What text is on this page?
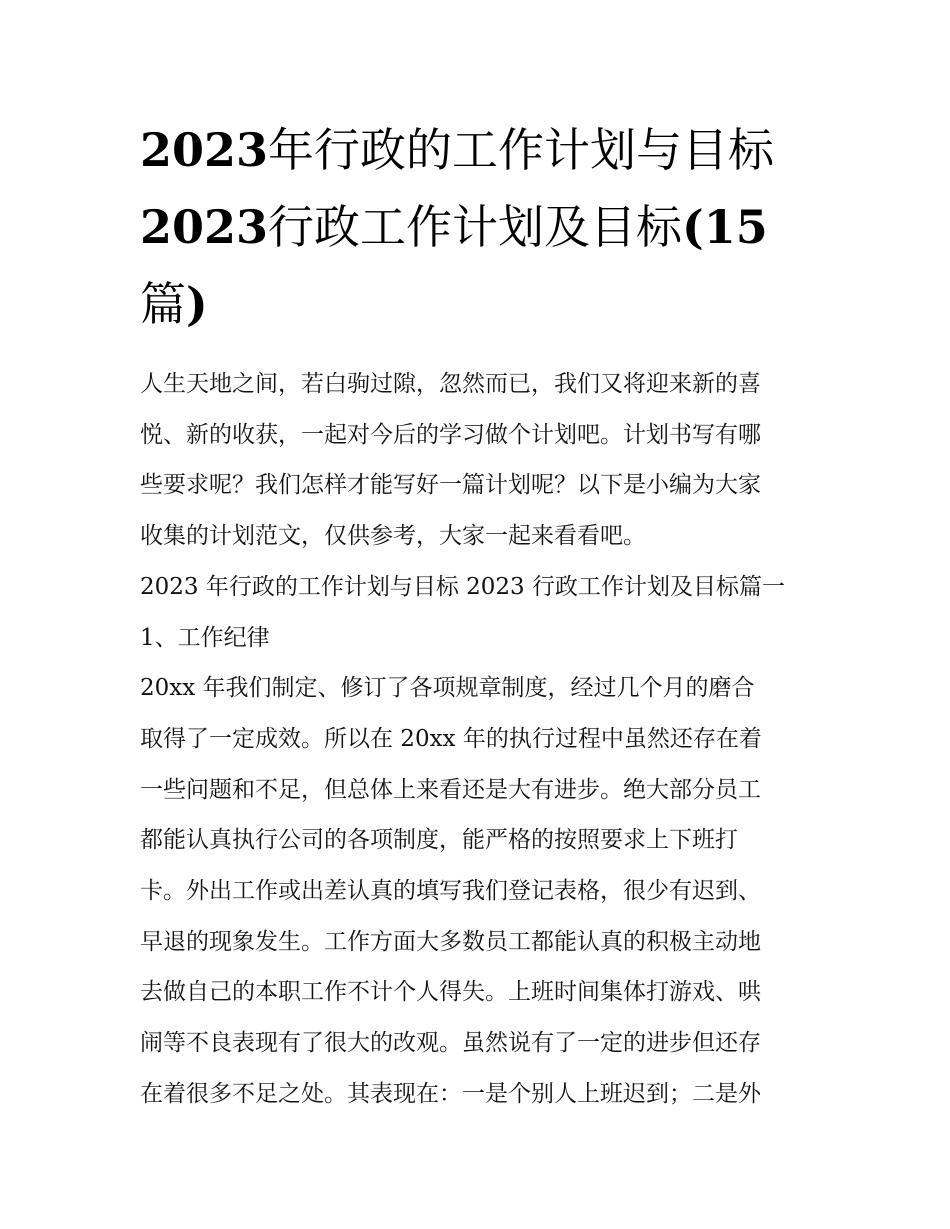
2023年行政的工作计划与目标
2023行政工作计划及目标(15
篇)

人生天地之间，若白驹过隙，忽然而已，我们又将迎来新的喜
悦、新的收获，一起对今后的学习做个计划吧。计划书写有哪
些要求呢？我们怎样才能写好一篇计划呢？以下是小编为大家
收集的计划范文，仅供参考，大家一起来看看吧。

2023 年行政的工作计划与目标 2023 行政工作计划及目标篇一

1、工作纪律

20xx 年我们制定、修订了各项规章制度，经过几个月的磨合
取得了一定成效。所以在 20xx 年的执行过程中虽然还存在着
一些问题和不足，但总体上来看还是大有进步。绝大部分员工
都能认真执行公司的各项制度，能严格的按照要求上下班打
卡。外出工作或出差认真的填写我们登记表格，很少有迟到、
早退的现象发生。工作方面大多数员工都能认真的积极主动地
去做自己的本职工作不计个人得失。上班时间集体打游戏、哄
闹等不良表现有了很大的改观。虽然说有了一定的进步但还存
在着很多不足之处。其表现在：一是个别人上班迟到；二是外
